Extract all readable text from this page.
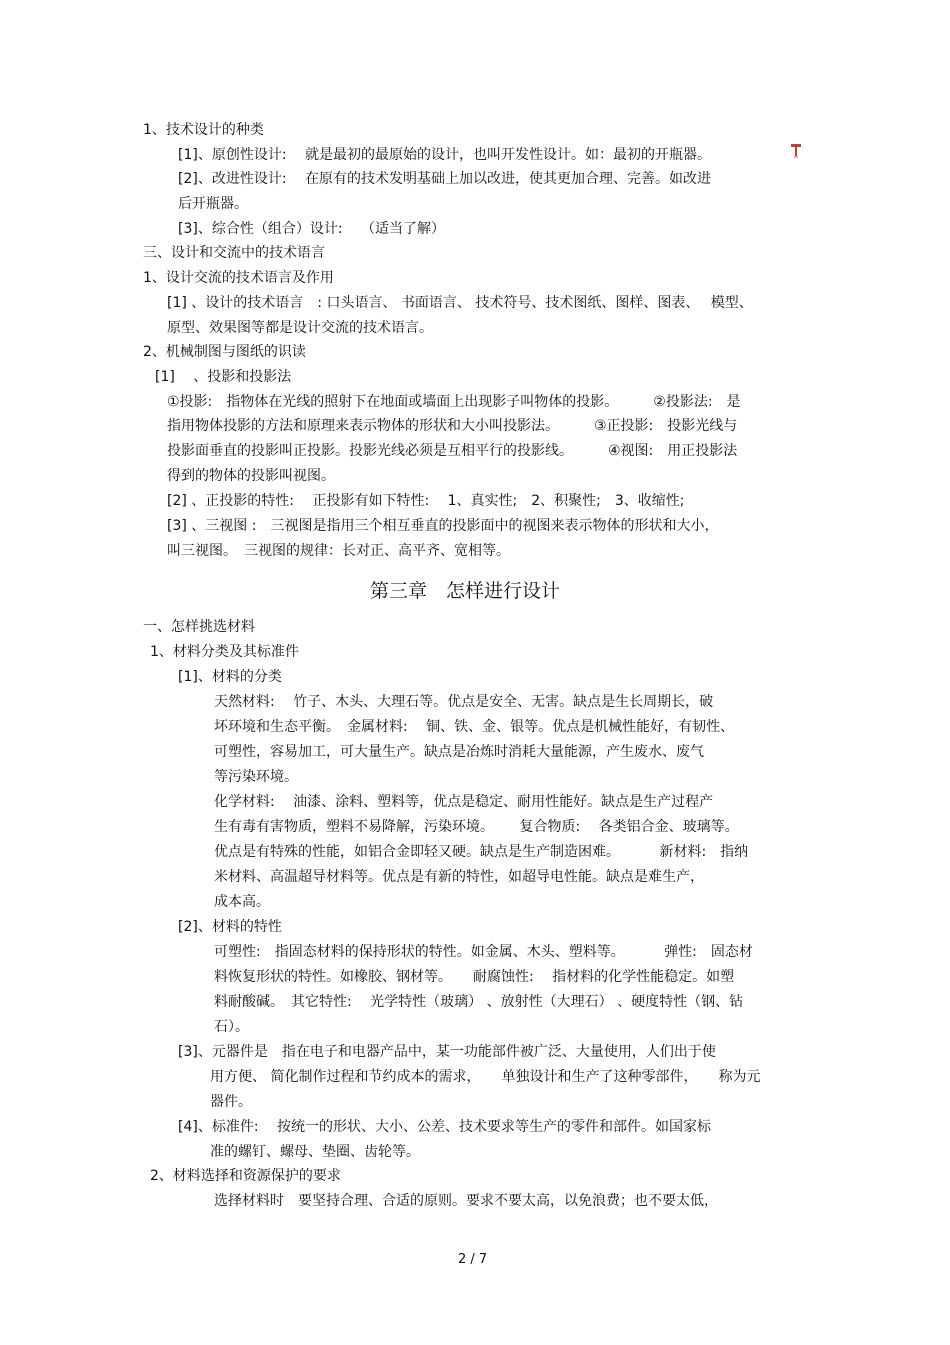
1、技术设计的种类
[1]、原创性设计:　 就是最初的最原始的设计，也叫开发性设计。如：最初的开瓶器。
[2]、改进性设计:　 在原有的技术发明基础上加以改进，使其更加合理、完善。如改进
后开瓶器。
[3]、综合性（组合）设计:　 （适当了解）
三、设计和交流中的技术语言
1、设计交流的技术语言及作用
[1] 、设计的技术语言　: 口头语言、 书面语言、 技术符号、技术图纸、图样、图表、　 模型、
原型、效果图等都是设计交流的技术语言。
2、机械制图与图纸的识读
[1]　 、投影和投影法
①投影:　指物体在光线的照射下在地面或墙面上出现影子叫物体的投影。　　　②投影法:　是
指用物体投影的方法和原理来表示物体的形状和大小叫投影法。　　　③正投影:　投影光线与
投影面垂直的投影叫正投影。投影光线必须是互相平行的投影线。　　　④视图:　用正投影法
得到的物体的投影叫视图。
[2] 、正投影的特性:　 正投影有如下特性:　 1、真实性;　2、积聚性;　3、收缩性;
[3] 、三视图 :　三视图是指用三个相互垂直的投影面中的视图来表示物体的形状和大小，
叫三视图。　三视图的规律：长对正、高平齐、宽相等。
一、怎样挑选材料
1、材料分类及其标准件
[1]、材料的分类
天然材料:　 竹子、木头、大理石等。优点是安全、无害。缺点是生长周期长，破
坏环境和生态平衡。　金属材料:　 铜、铁、金、银等。优点是机械性能好，有韧性、
可塑性，容易加工，可大量生产。缺点是冶炼时消耗大量能源，产生废水、废气
等污染环境。
化学材料:　 油漆、涂料、塑料等，优点是稳定、耐用性能好。缺点是生产过程产
生有毒有害物质，塑料不易降解，污染环境。　　 复合物质:　 各类铝合金、玻璃等。
优点是有特殊的性能，如铝合金即轻又硬。缺点是生产制造困难。　　　 新材料:　指纳
米材料、高温超导材料等。优点是有新的特性，如超导电性能。缺点是难生产，
成本高。
[2]、材料的特性
可塑性:　指固态材料的保持形状的特性。如金属、木头、塑料等。　　　 弹性:　固态材
料恢复形状的特性。如橡胶、钢材等。　　耐腐蚀性:　 指材料的化学性能稳定。如塑
料耐酸碱。　其它特性:　 光学特性（玻璃） 、放射性（大理石） 、硬度特性（钢、钻
石）。
[3]、元器件是　指在电子和电器产品中，某一功能部件被广泛、大量使用，人们出于使
用方便、 简化制作过程和节约成本的需求，　　单独设计和生产了这种零部件，　　称为元
器件。
[4]、标准件:　 按统一的形状、大小、公差、技术要求等生产的零件和部件。如国家标
准的螺钉、螺母、垫圈、齿轮等。
2、材料选择和资源保护的要求
选择材料时　要坚持合理、合适的原则。要求不要太高，以免浪费；也不要太低，
第三章　怎样进行设计
2 / 7
